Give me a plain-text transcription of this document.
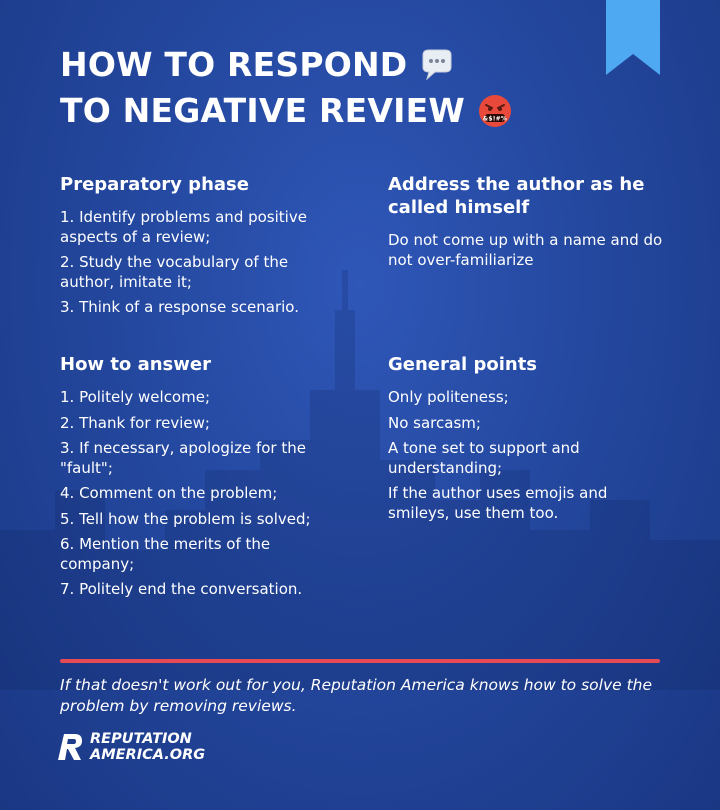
HOW TO RESPOND
TO NEGATIVE REVIEW	&$!#%
Preparatory phase
1. Identify problems and positive aspects of a review;
2. Study the vocabulary of the author, imitate it;
3. Think of a response scenario.
Address the author as he called himself
Do not come up with a name and do not over-familiarize
How to answer
1. Politely welcome;
2. Thank for review;
3. If necessary, apologize for the "fault";
4. Comment on the problem;
5. Tell how the problem is solved;
6. Mention the merits of the company;
7. Politely end the conversation.
General points
Only politeness;
No sarcasm;
A tone set to support and understanding;
If the author uses emojis and smileys, use them too.

If that doesn't work out for you, Reputation America knows how to solve the problem by removing reviews.

REPUTATION
AMERICA.ORG
